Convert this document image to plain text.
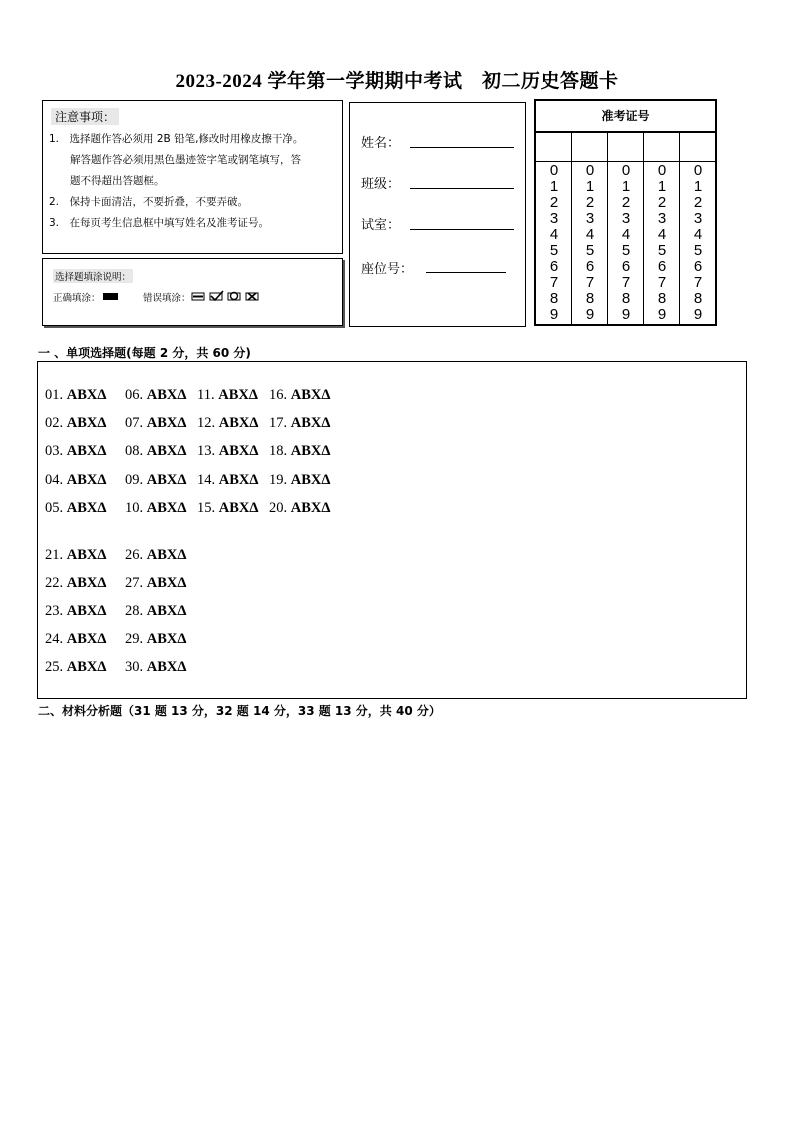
2023-2024 学年第一学期期中考试　初二历史答题卡
注意事项：
1.　选择题作答必须用 2B 铅笔,修改时用橡皮擦干净。
　　解答题作答必须用黑色墨迹签字笔或钢笔填写，答
　　题不得超出答题框。
2.　保持卡面清洁，不要折叠，不要弄破。
3.　在每页考生信息框中填写姓名及准考证号。
选择题填涂说明：
正确填涂：	错误填涂：
姓名：
班级：
试室：
座位号：
准考证号
0
1
2
3
4
5
6
7
8
9
0
1
2
3
4
5
6
7
8
9
0
1
2
3
4
5
6
7
8
9
0
1
2
3
4
5
6
7
8
9
0
1
2
3
4
5
6
7
8
9
一 、单项选择题(每题 2 分，共 60 分)
01. ABXΔ
02. ABXΔ
03. ABXΔ
04. ABXΔ
05. ABXΔ
06. ABXΔ
07. ABXΔ
08. ABXΔ
09. ABXΔ
10. ABXΔ
11. ABXΔ
12. ABXΔ
13. ABXΔ
14. ABXΔ
15. ABXΔ
16. ABXΔ
17. ABXΔ
18. ABXΔ
19. ABXΔ
20. ABXΔ
21. ABXΔ
22. ABXΔ
23. ABXΔ
24. ABXΔ
25. ABXΔ
26. ABXΔ
27. ABXΔ
28. ABXΔ
29. ABXΔ
30. ABXΔ
二、材料分析题（31 题 13 分，32 题 14 分，33 题 13 分，共 40 分）
